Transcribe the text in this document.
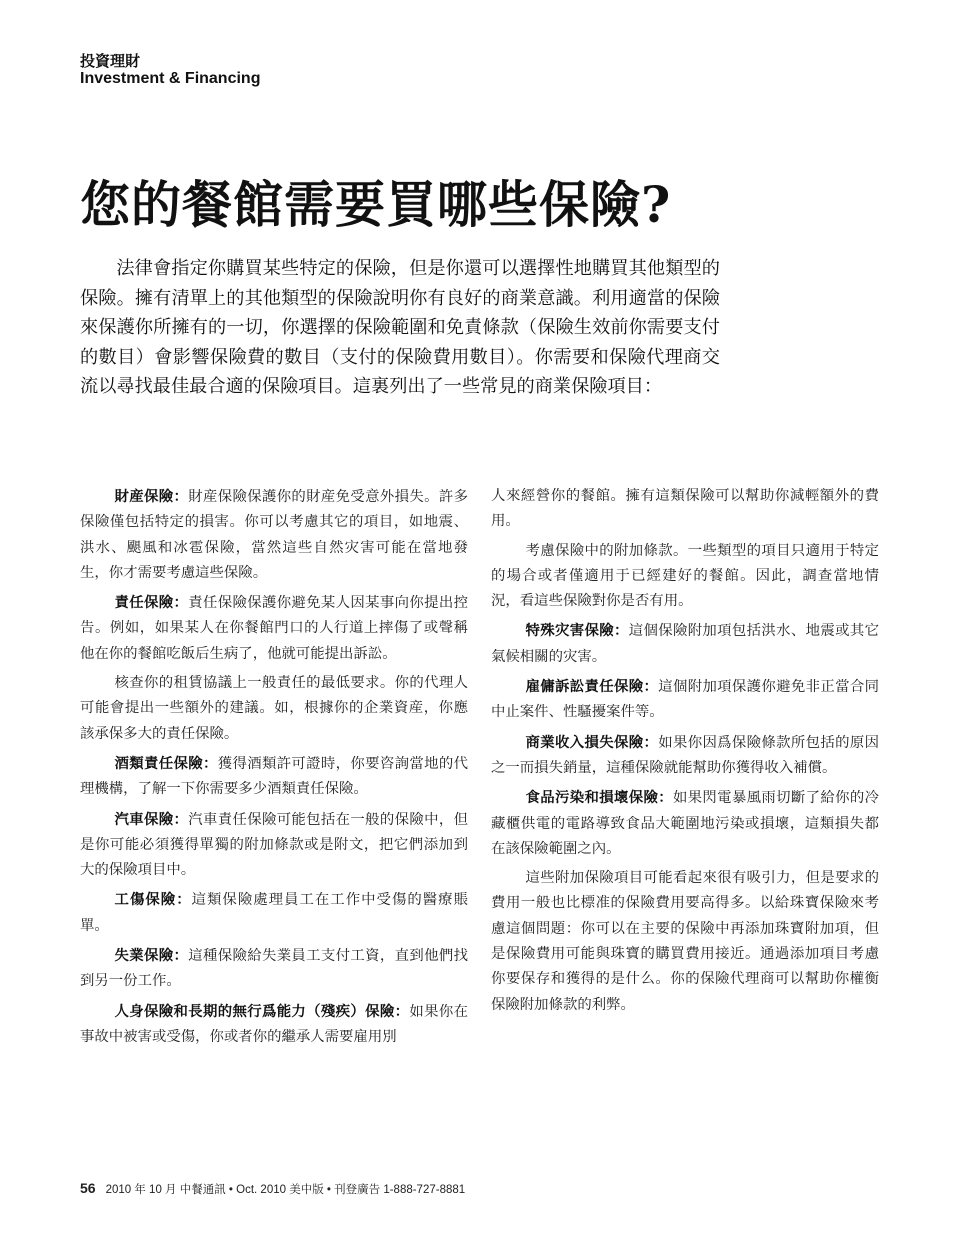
投資理財
Investment & Financing
您的餐館需要買哪些保險?
法律會指定你購買某些特定的保險，但是你還可以選擇性地購買其他類型的保險。擁有清單上的其他類型的保險說明你有良好的商業意識。利用適當的保險來保護你所擁有的一切，你選擇的保險範圍和免責條款（保險生效前你需要支付的數目）會影響保險費的數目（支付的保險費用數目）。你需要和保險代理商交流以尋找最佳最合適的保險項目。這裏列出了一些常見的商業保險項目：

財産保險：財産保險保護你的財産免受意外損失。許多保險僅包括特定的損害。你可以考慮其它的項目，如地震、洪水、颶風和冰雹保險，當然這些自然灾害可能在當地發生，你才需要考慮這些保險。

責任保險：責任保險保護你避免某人因某事向你提出控告。例如，如果某人在你餐館門口的人行道上摔傷了或聲稱他在你的餐館吃飯后生病了，他就可能提出訴訟。

核查你的租賃協議上一般責任的最低要求。你的代理人可能會提出一些額外的建議。如，根據你的企業資産，你應該承保多大的責任保險。

酒類責任保險：獲得酒類許可證時，你要咨詢當地的代理機構，了解一下你需要多少酒類責任保險。

汽車保險：汽車責任保險可能包括在一般的保險中，但是你可能必須獲得單獨的附加條款或是附文，把它們添加到大的保險項目中。

工傷保險：這類保險處理員工在工作中受傷的醫療賬單。

失業保險：這種保險給失業員工支付工資，直到他們找到另一份工作。

人身保險和長期的無行爲能力（殘疾）保險：如果你在事故中被害或受傷，你或者你的繼承人需要雇用別

人來經營你的餐館。擁有這類保險可以幫助你減輕額外的費用。

考慮保險中的附加條款。一些類型的項目只適用于特定的場合或者僅適用于已經建好的餐館。因此，調查當地情況，看這些保險對你是否有用。

特殊灾害保險：這個保險附加項包括洪水、地震或其它氣候相關的灾害。

雇傭訴訟責任保險：這個附加項保護你避免非正當合同中止案件、性騷擾案件等。

商業收入損失保險：如果你因爲保險條款所包括的原因之一而損失銷量，這種保險就能幫助你獲得收入補償。

食品污染和損壞保險：如果閃電暴風雨切斷了給你的冷藏櫃供電的電路導致食品大範圍地污染或損壞，這類損失都在該保險範圍之內。

這些附加保險項目可能看起來很有吸引力，但是要求的費用一般也比標准的保險費用要高得多。以給珠寶保險來考慮這個問題：你可以在主要的保險中再添加珠寶附加項，但是保險費用可能與珠寶的購買費用接近。通過添加項目考慮你要保存和獲得的是什么。你的保險代理商可以幫助你權衡保險附加條款的利弊。

56 2010 年 10 月 中餐通訊 • Oct. 2010 美中版 • 刊登廣告 1-888-727-8881
